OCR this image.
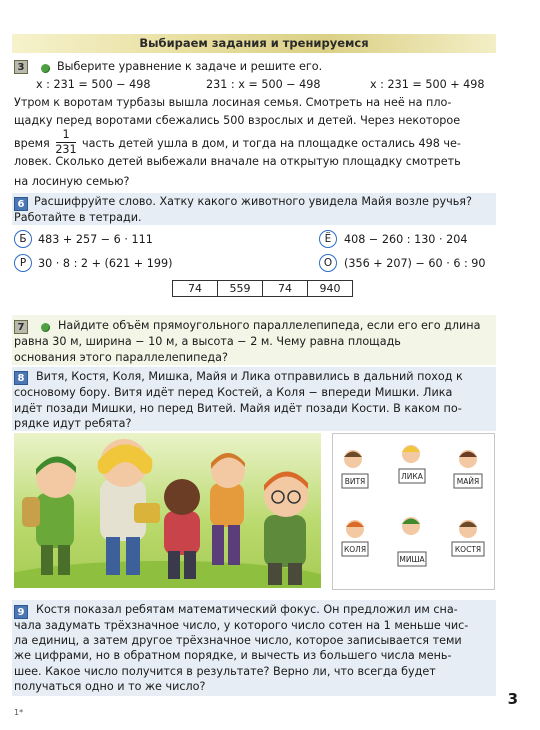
Выбираем задания и тренируемся
3	Выберите уравнение к задаче и решите его.
x : 231 = 500 − 498	231 : x = 500 − 498	x : 231 = 500 + 498
Утром к воротам турбазы вышла лосиная семья. Смотреть на неё на пло-
щадку перед воротами сбежались 500 взрослых и детей. Через некоторое
время
1
231 часть детей ушла в дом, и тогда на площадке остались 498 че-
ловек. Сколько детей выбежали вначале на открытую площадку смотреть
на лосиную семью?
6 Расшифруйте слово. Хатку какого животного увидела Майя возле ручья?
Работайте в тетради.
Б	483 + 257 − 6 · 111	Ё	408 − 260 : 130 · 204
Р	30 · 8 : 2 + (621 + 199)	О	(356 + 207) − 60 · 6 : 90
74	559	74	940
7	Найдите объём прямоугольного параллелепипеда, если его его длина
равна 30 м, ширина − 10 м, а высота − 2 м. Чему равна площадь
основания этого параллелепипеда?
8	Витя, Костя, Коля, Мишка, Майя и Лика отправились в дальний поход к
сосновому бору. Витя идёт перед Костей, а Коля − впереди Мишки. Лика
идёт позади Мишки, но перед Витей. Майя идёт позади Кости. В каком по-
рядке идут ребята?
ВИТЯ
ЛИКА
МАЙЯ
КОЛЯ
МИША
КОСТЯ
9	Костя показал ребятам математический фокус. Он предложил им сна-
чала задумать трёхзначное число, у которого число сотен на 1 меньше чис-
ла единиц, а затем другое трёхзначное число, которое записывается теми
же цифрами, но в обратном порядке, и вычесть из большего числа мень-
шее. Какое число получится в результате? Верно ли, что всегда будет
получаться одно и то же число?
3
1*
